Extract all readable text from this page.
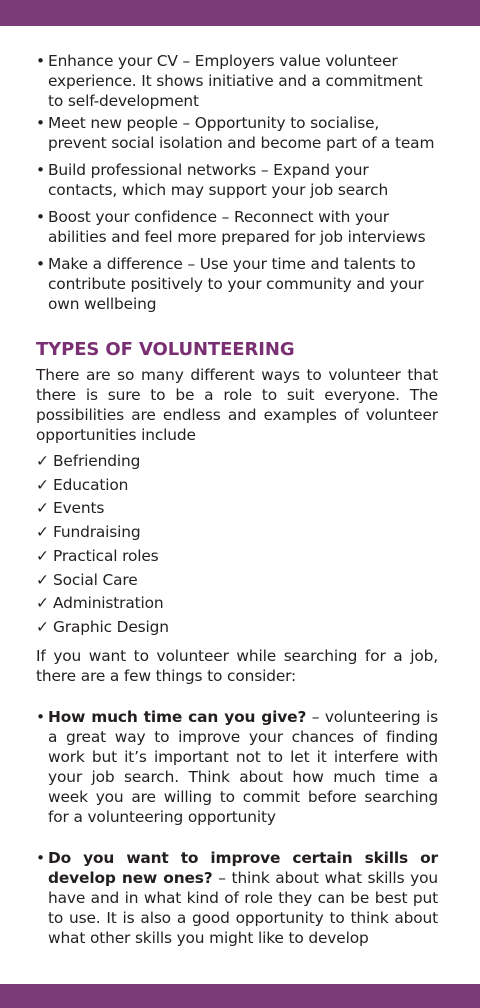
• Enhance your CV – Employers value volunteer experience. It shows initiative and a commitment to self-development
• Meet new people – Opportunity to socialise, prevent social isolation and become part of a team
• Build professional networks – Expand your contacts, which may support your job search
• Boost your confidence – Reconnect with your abilities and feel more prepared for job interviews
• Make a difference – Use your time and talents to contribute positively to your community and your own wellbeing
TYPES OF VOLUNTEERING
There are so many different ways to volunteer that there is sure to be a role to suit everyone. The possibilities are endless and examples of volunteer opportunities include
✓ Befriending
✓ Education
✓ Events
✓ Fundraising
✓ Practical roles
✓ Social Care
✓ Administration
✓ Graphic Design
If you want to volunteer while searching for a job, there are a few things to consider:
• How much time can you give? – volunteering is a great way to improve your chances of finding work but it’s important not to let it interfere with your job search. Think about how much time a week you are willing to commit before searching for a volunteering opportunity
• Do you want to improve certain skills or develop new ones? – think about what skills you have and in what kind of role they can be best put to use. It is also a good opportunity to think about what other skills you might like to develop
